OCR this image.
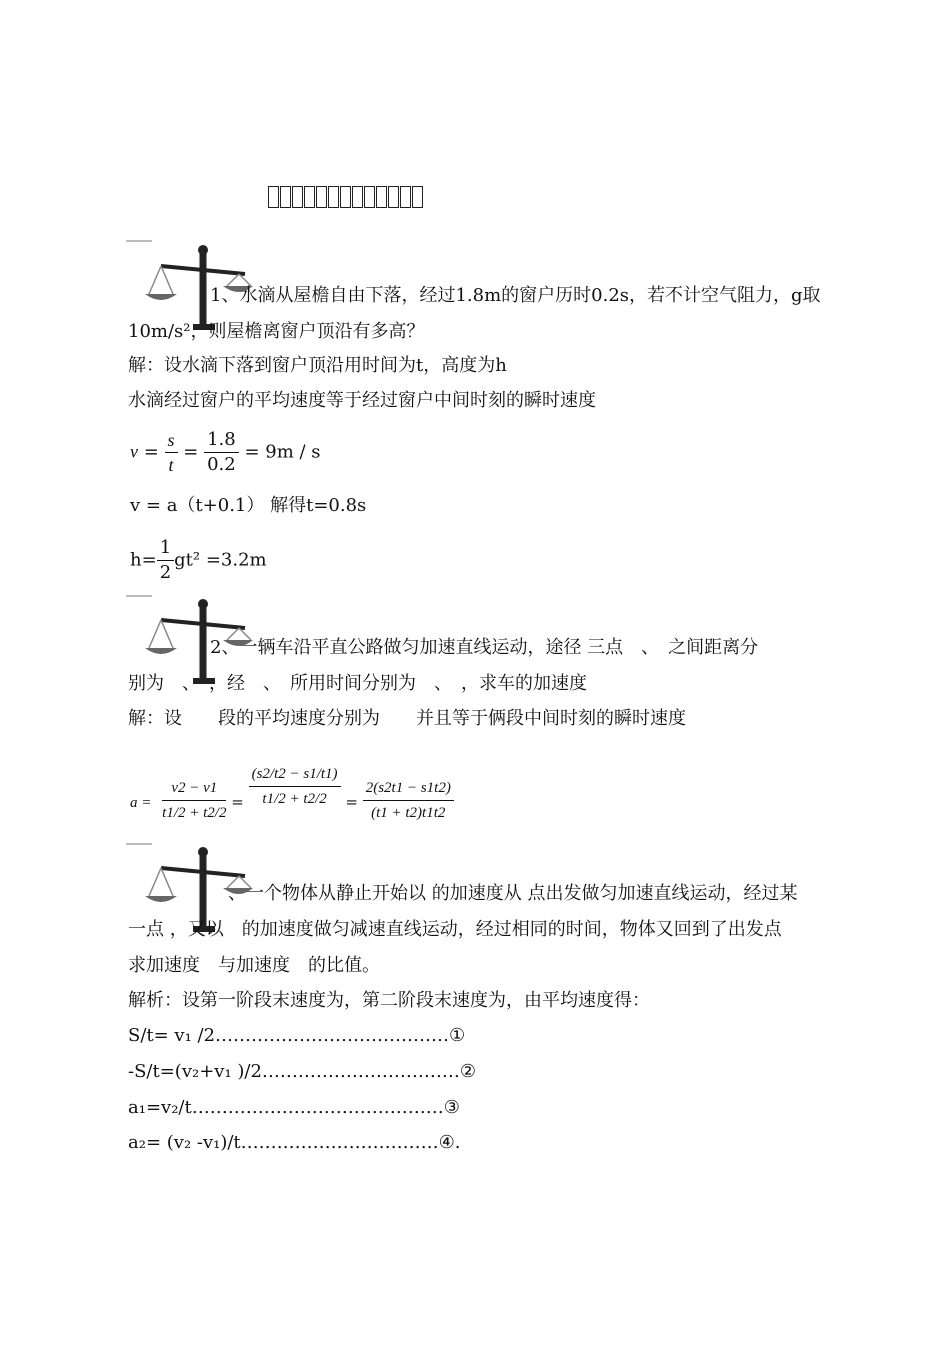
1、水滴从屋檐自由下落，经过1.8m的窗户历时0.2s，若不计空气阻力，g取
10m/s²，则屋檐离窗户顶沿有多高？
解：设水滴下落到窗户顶沿用时间为t，高度为h
水滴经过窗户的平均速度等于经过窗户中间时刻的瞬时速度
$v = \frac{s}{t} = \frac{1.8}{0.2} = 9m / s$
v = a（t+0.1） 解得t=0.8s
$h= \frac{1}{2} gt^2 =3.2m$
2、一辆车沿平直公路做匀加速直线运动，途径 三点　、　之间距离分
别为　、　，经　、　所用时间分别为　、　，求车的加速度
解：设　　段的平均速度分别为　　并且等于俩段中间时刻的瞬时速度
$a = \frac{v2 - v1}{t1/2 + t2/2} = \frac{(s2/t2 - s1/t1)}{t1/2 + t2/2} = \frac{2(s2t1 - s1t2)}{(t1 + t2)t1t2}$
、一个物体从静止开始以 的加速度从 点出发做匀加速直线运动，经过某
一点 ，又以　的加速度做匀减速直线运动，经过相同的时间，物体又回到了出发点
求加速度　与加速度　的比值。
解析：设第一阶段末速度为，第二阶段末速度为，由平均速度得：
S/t= v₁ /2…………………………………①
-S/t=(v₂+v₁ )/2……………………………②
a₁=v₂/t……………………………………③
a₂= (v₂ -v₁)/t……………………………④.
